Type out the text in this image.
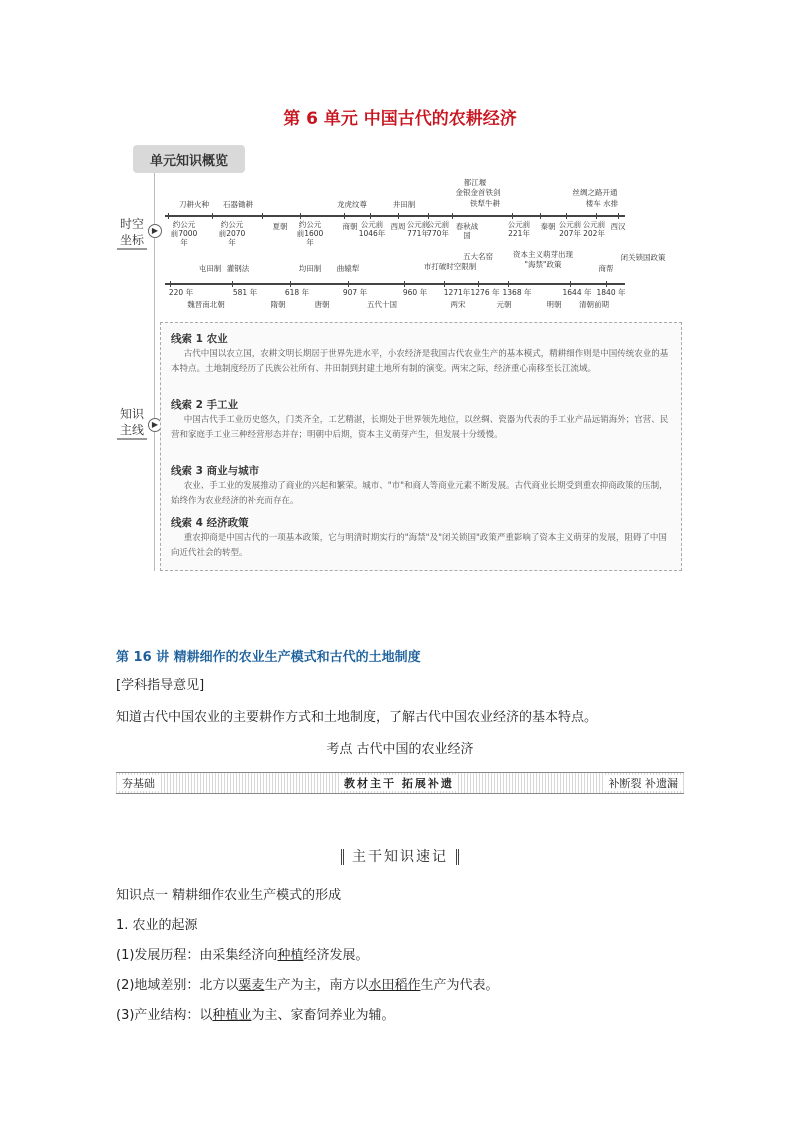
第 6 单元 中国古代的农耕经济
单元知识概览
▶
时空坐标
▶
知识主线
刀耕火种	石器锄耕	龙虎纹尊	井田制
都江堰
金银金首铁剑
铁犁牛耕
丝绸之路开通
楼车 水排
约公元前7000 年
约公元前2070 年
夏朝	约公元前1600 年
商朝 公元前1046年
西周 公元前771年
公元前770年
春秋战国
公元前221年
秦朝 公元前207年
公元前202年
西汉
屯田制 灌钢法	均田制	曲辕犁
五大名窑
市打破时空限制
资本主义萌芽出现
"海禁"政策	商帮
闭关锁国政策
220 年	581 年	618 年	907 年	960 年	1271年 1276 年 1368 年	1644 年 1840 年
魏晋南北朝	隋朝	唐朝	五代十国	两宋	元朝	明朝	清朝前期
线索 1 农业
古代中国以农立国，农耕文明长期居于世界先进水平，小农经济是我国古代农业生产的基本模式，精耕细作则是中国传统农业的基本特点。土地制度经历了氏族公社所有、井田制到封建土地所有制的演变。两宋之际，经济重心南移至长江流域。
线索 2 手工业
中国古代手工业历史悠久，门类齐全，工艺精湛，长期处于世界领先地位，以丝绸、瓷器为代表的手工业产品远销海外；官营、民营和家庭手工业三种经营形态并存；明朝中后期，资本主义萌芽产生，但发展十分缓慢。
线索 3 商业与城市
农业、手工业的发展推动了商业的兴起和繁荣。城市、"市"和商人等商业元素不断发展。古代商业长期受到重农抑商政策的压制，始终作为农业经济的补充而存在。
线索 4 经济政策
重农抑商是中国古代的一项基本政策，它与明清时期实行的"海禁"及"闭关锁国"政策严重影响了资本主义萌芽的发展，阻碍了中国向近代社会的转型。
第 16 讲 精耕细作的农业生产模式和古代的土地制度
[学科指导意见]
知道古代中国农业的主要耕作方式和土地制度，了解古代中国农业经济的基本特点。
考点 古代中国的农业经济
夯基础	教材主干 拓展补遗	补断裂 补遗漏
主干知识速记
知识点一 精耕细作农业生产模式的形成
1. 农业的起源
(1)发展历程：由采集经济向种植经济发展。
(2)地域差别：北方以粟麦生产为主，南方以水田稻作生产为代表。
(3)产业结构：以种植业为主、家畜饲养业为辅。
